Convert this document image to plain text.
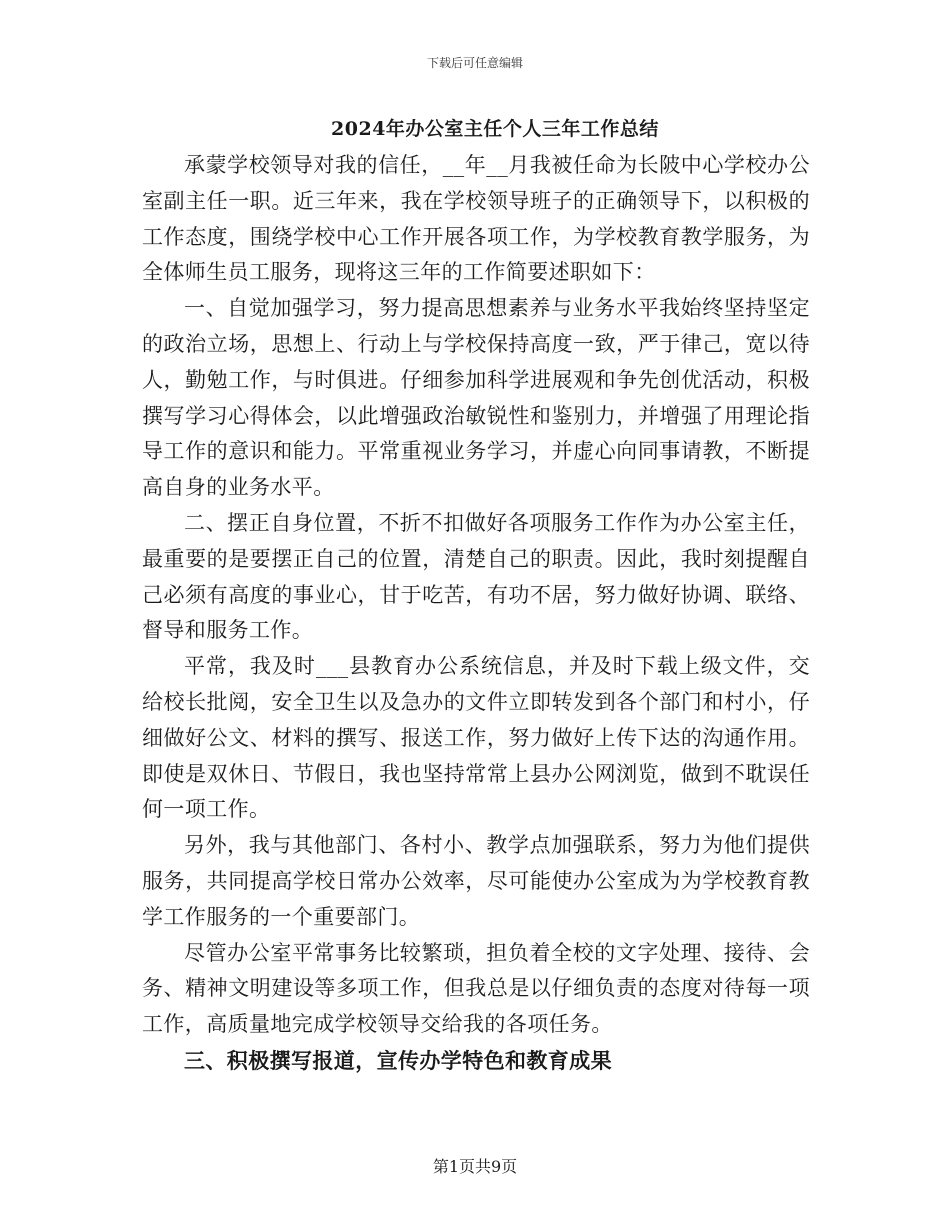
下载后可任意编辑
2024年办公室主任个人三年工作总结

承蒙学校领导对我的信任，__年__月我被任命为长陂中心学校办公室副主任一职。近三年来，我在学校领导班子的正确领导下，以积极的工作态度，围绕学校中心工作开展各项工作，为学校教育教学服务，为全体师生员工服务，现将这三年的工作简要述职如下：

一、自觉加强学习，努力提高思想素养与业务水平我始终坚持坚定的政治立场，思想上、行动上与学校保持高度一致，严于律己，宽以待人，勤勉工作，与时俱进。仔细参加科学进展观和争先创优活动，积极撰写学习心得体会，以此增强政治敏锐性和鉴别力，并增强了用理论指导工作的意识和能力。平常重视业务学习，并虚心向同事请教，不断提高自身的业务水平。

二、摆正自身位置，不折不扣做好各项服务工作作为办公室主任，最重要的是要摆正自己的位置，清楚自己的职责。因此，我时刻提醒自己必须有高度的事业心，甘于吃苦，有功不居，努力做好协调、联络、督导和服务工作。

平常，我及时___县教育办公系统信息，并及时下载上级文件，交给校长批阅，安全卫生以及急办的文件立即转发到各个部门和村小，仔细做好公文、材料的撰写、报送工作，努力做好上传下达的沟通作用。即使是双休日、节假日，我也坚持常常上县办公网浏览，做到不耽误任何一项工作。

另外，我与其他部门、各村小、教学点加强联系，努力为他们提供服务，共同提高学校日常办公效率，尽可能使办公室成为为学校教育教学工作服务的一个重要部门。

尽管办公室平常事务比较繁琐，担负着全校的文字处理、接待、会务、精神文明建设等多项工作，但我总是以仔细负责的态度对待每一项工作，高质量地完成学校领导交给我的各项任务。

三、积极撰写报道，宣传办学特色和教育成果

第1页共9页
